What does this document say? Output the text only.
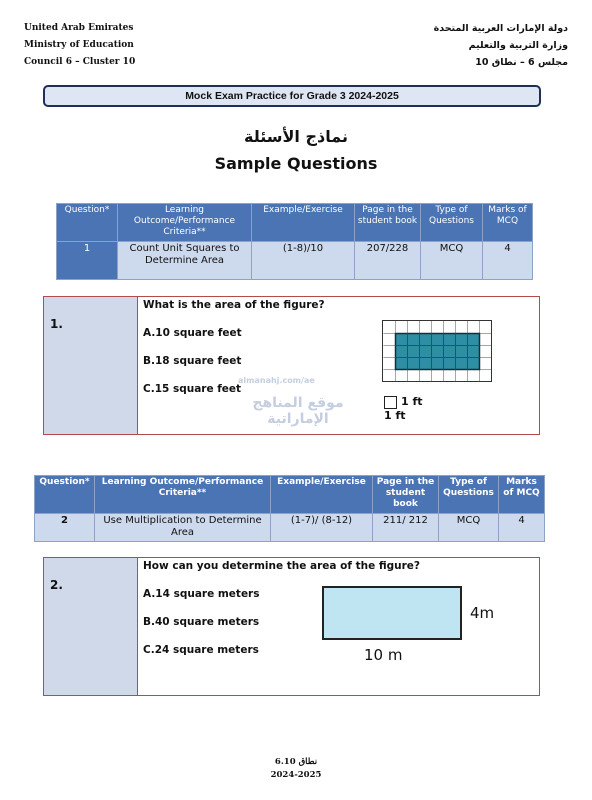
United Arab Emirates
Ministry of Education
Council 6 – Cluster 10
دولة الإمارات العربية المتحدة
وزارة التربية والتعليم
مجلس 6 – نطاق 10
Mock Exam Practice for Grade 3 2024-2025
نماذج الأسئلة
Sample Questions
Question*	Learning Outcome/Performance Criteria**	Example/Exercise	Page in the student book	Type of Questions	Marks of MCQ
1	Count Unit Squares to Determine Area	(1-8)/10	207/228	MCQ	4
1.
What is the area of the figure?
A.10 square feet
B.18 square feet
C.15 square feet
1 ft
1 ft
almanahj.com/ae
موقع المناهج الإماراتية
Question*	Learning Outcome/Performance Criteria**	Example/Exercise	Page in the student book	Type of Questions	Marks of MCQ
2	Use Multiplication to Determine Area	(1-7)/ (8-12)	211/ 212	MCQ	4
2.
How can you determine the area of the figure?
A.14 square meters
B.40 square meters
C.24 square meters
4m
10 m
نطاق 6.10
2024-2025
